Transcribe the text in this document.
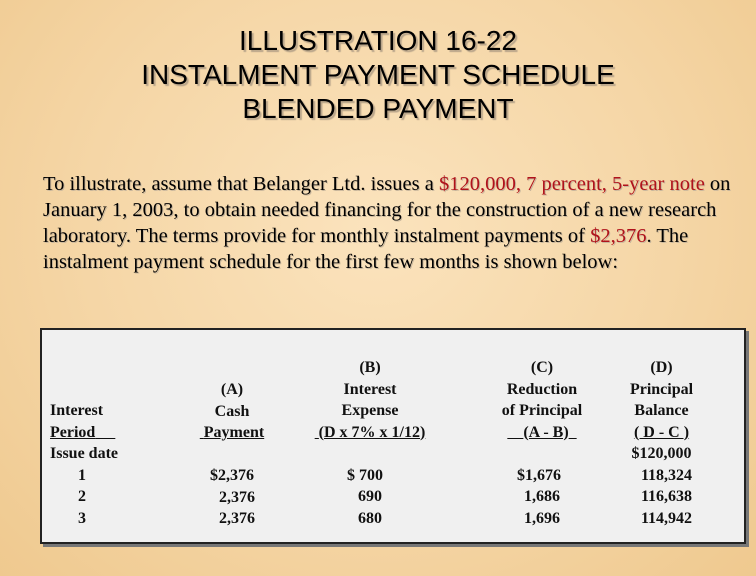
ILLUSTRATION 16-22
INSTALMENT PAYMENT SCHEDULE
BLENDED PAYMENT
To illustrate, assume that Belanger Ltd. issues a $120,000, 7 percent, 5-year note on January 1, 2003, to obtain needed financing for the construction of a new research laboratory. The terms provide for monthly instalment payments of $2,376. The instalment payment schedule for the first few months is shown below:
Interest
Period
Issue date
1
2
3
(A)
Cash
Payment
$2,376
2,376
2,376
(B)
Interest
Expense
(D x 7% x 1/12)
$ 700
690
680
(C)
Reduction
of Principal
(A - B)
$1,676
1,686
1,696
(D)
Principal
Balance
( D - C )
$120,000
118,324
116,638
114,942
